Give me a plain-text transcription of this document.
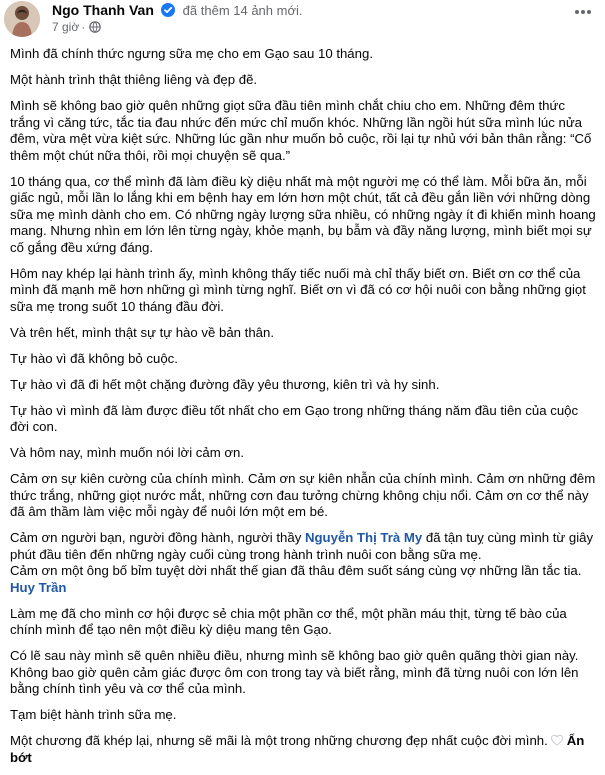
Ngo Thanh Van đã thêm 14 ảnh mới.
7 giờ ·

Mình đã chính thức ngưng sữa mẹ cho em Gạo sau 10 tháng.

Một hành trình thật thiêng liêng và đẹp đẽ.

Mình sẽ không bao giờ quên những giọt sữa đầu tiên mình chắt chiu cho em. Những đêm thức trắng vì căng tức, tắc tia đau nhức đến mức chỉ muốn khóc. Những lần ngồi hút sữa mình lúc nửa đêm, vừa mệt vừa kiệt sức. Những lúc gần như muốn bỏ cuộc, rồi lại tự nhủ với bản thân rằng: “Cố thêm một chút nữa thôi, rồi mọi chuyện sẽ qua.”

10 tháng qua, cơ thể mình đã làm điều kỳ diệu nhất mà một người mẹ có thể làm. Mỗi bữa ăn, mỗi giấc ngủ, mỗi lần lo lắng khi em bệnh hay em lớn hơn một chút, tất cả đều gắn liền với những dòng sữa mẹ mình dành cho em. Có những ngày lượng sữa nhiều, có những ngày ít đi khiến mình hoang mang. Nhưng nhìn em lớn lên từng ngày, khỏe mạnh, bụ bẫm và đầy năng lượng, mình biết mọi sự cố gắng đều xứng đáng.

Hôm nay khép lại hành trình ấy, mình không thấy tiếc nuối mà chỉ thấy biết ơn. Biết ơn cơ thể của mình đã mạnh mẽ hơn những gì mình từng nghĩ. Biết ơn vì đã có cơ hội nuôi con bằng những giọt sữa mẹ trong suốt 10 tháng đầu đời.

Và trên hết, mình thật sự tự hào về bản thân.

Tự hào vì đã không bỏ cuộc.

Tự hào vì đã đi hết một chặng đường đầy yêu thương, kiên trì và hy sinh.

Tự hào vì mình đã làm được điều tốt nhất cho em Gạo trong những tháng năm đầu tiên của cuộc đời con.

Và hôm nay, mình muốn nói lời cảm ơn.

Cảm ơn sự kiên cường của chính mình. Cảm ơn sự kiên nhẫn của chính mình. Cảm ơn những đêm thức trắng, những giọt nước mắt, những cơn đau tưởng chừng không chịu nổi. Cảm ơn cơ thể này đã âm thầm làm việc mỗi ngày để nuôi lớn một em bé.

Cảm ơn người bạn, người đồng hành, người thầy Nguyễn Thị Trà My đã tận tuỵ cùng mình từ giây phút đầu tiên đến những ngày cuối cùng trong hành trình nuôi con bằng sữa mẹ.

Cảm ơn một ông bố bỉm tuyệt dời nhất thế gian đã thâu đêm suốt sáng cùng vợ những lần tắc tia. Huy Trần

Làm mẹ đã cho mình cơ hội được sẻ chia một phần cơ thể, một phần máu thịt, từng tế bào của chính mình để tạo nên một điều kỳ diệu mang tên Gạo.

Có lẽ sau này mình sẽ quên nhiều điều, nhưng mình sẽ không bao giờ quên quãng thời gian này. Không bao giờ quên cảm giác được ôm con trong tay và biết rằng, mình đã từng nuôi con lớn lên bằng chính tình yêu và cơ thể của mình.

Tạm biệt hành trình sữa mẹ.

Một chương đã khép lại, nhưng sẽ mãi là một trong những chương đẹp nhất cuộc đời mình. Ẩn bớt
